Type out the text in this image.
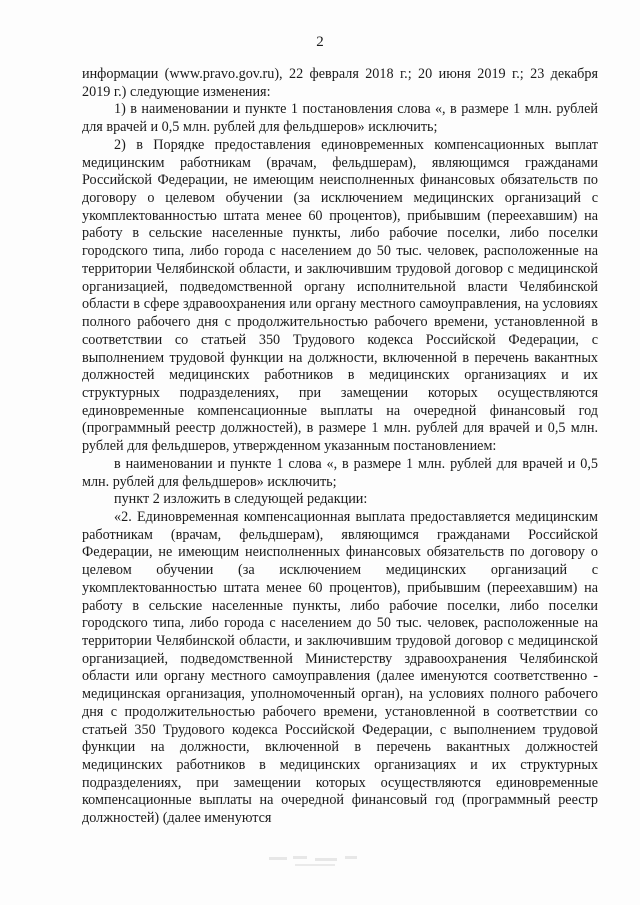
2

информации (www.pravo.gov.ru), 22 февраля 2018 г.; 20 июня 2019 г.; 23 декабря 2019 г.) следующие изменения:

1) в наименовании и пункте 1 постановления слова «, в размере 1 млн. рублей для врачей и 0,5 млн. рублей для фельдшеров» исключить;

2) в Порядке предоставления единовременных компенсационных выплат медицинским работникам (врачам, фельдшерам), являющимся гражданами Российской Федерации, не имеющим неисполненных финансовых обязательств по договору о целевом обучении (за исключением медицинских организаций с укомплектованностью штата менее 60 процентов), прибывшим (переехавшим) на работу в сельские населенные пункты, либо рабочие поселки, либо поселки городского типа, либо города с населением до 50 тыс. человек, расположенные на территории Челябинской области, и заключившим трудовой договор с медицинской организацией, подведомственной органу исполнительной власти Челябинской области в сфере здравоохранения или органу местного самоуправления, на условиях полного рабочего дня с продолжительностью рабочего времени, установленной в соответствии со статьей 350 Трудового кодекса Российской Федерации, с выполнением трудовой функции на должности, включенной в перечень вакантных должностей медицинских работников в медицинских организациях и их структурных подразделениях, при замещении которых осуществляются единовременные компенсационные выплаты на очередной финансовый год (программный реестр должностей), в размере 1 млн. рублей для врачей и 0,5 млн. рублей для фельдшеров, утвержденном указанным постановлением:

в наименовании и пункте 1 слова «, в размере 1 млн. рублей для врачей и 0,5 млн. рублей для фельдшеров» исключить;

пункт 2 изложить в следующей редакции:

«2. Единовременная компенсационная выплата предоставляется медицинским работникам (врачам, фельдшерам), являющимся гражданами Российской Федерации, не имеющим неисполненных финансовых обязательств по договору о целевом обучении (за исключением медицинских организаций с укомплектованностью штата менее 60 процентов), прибывшим (переехавшим) на работу в сельские населенные пункты, либо рабочие поселки, либо поселки городского типа, либо города с населением до 50 тыс. человек, расположенные на территории Челябинской области, и заключившим трудовой договор с медицинской организацией, подведомственной Министерству здравоохранения Челябинской области или органу местного самоуправления (далее именуются соответственно - медицинская организация, уполномоченный орган), на условиях полного рабочего дня с продолжительностью рабочего времени, установленной в соответствии со статьей 350 Трудового кодекса Российской Федерации, с выполнением трудовой функции на должности, включенной в перечень вакантных должностей медицинских работников в медицинских организациях и их структурных подразделениях, при замещении которых осуществляются единовременные компенсационные выплаты на очередной финансовый год (программный реестр должностей) (далее именуются
